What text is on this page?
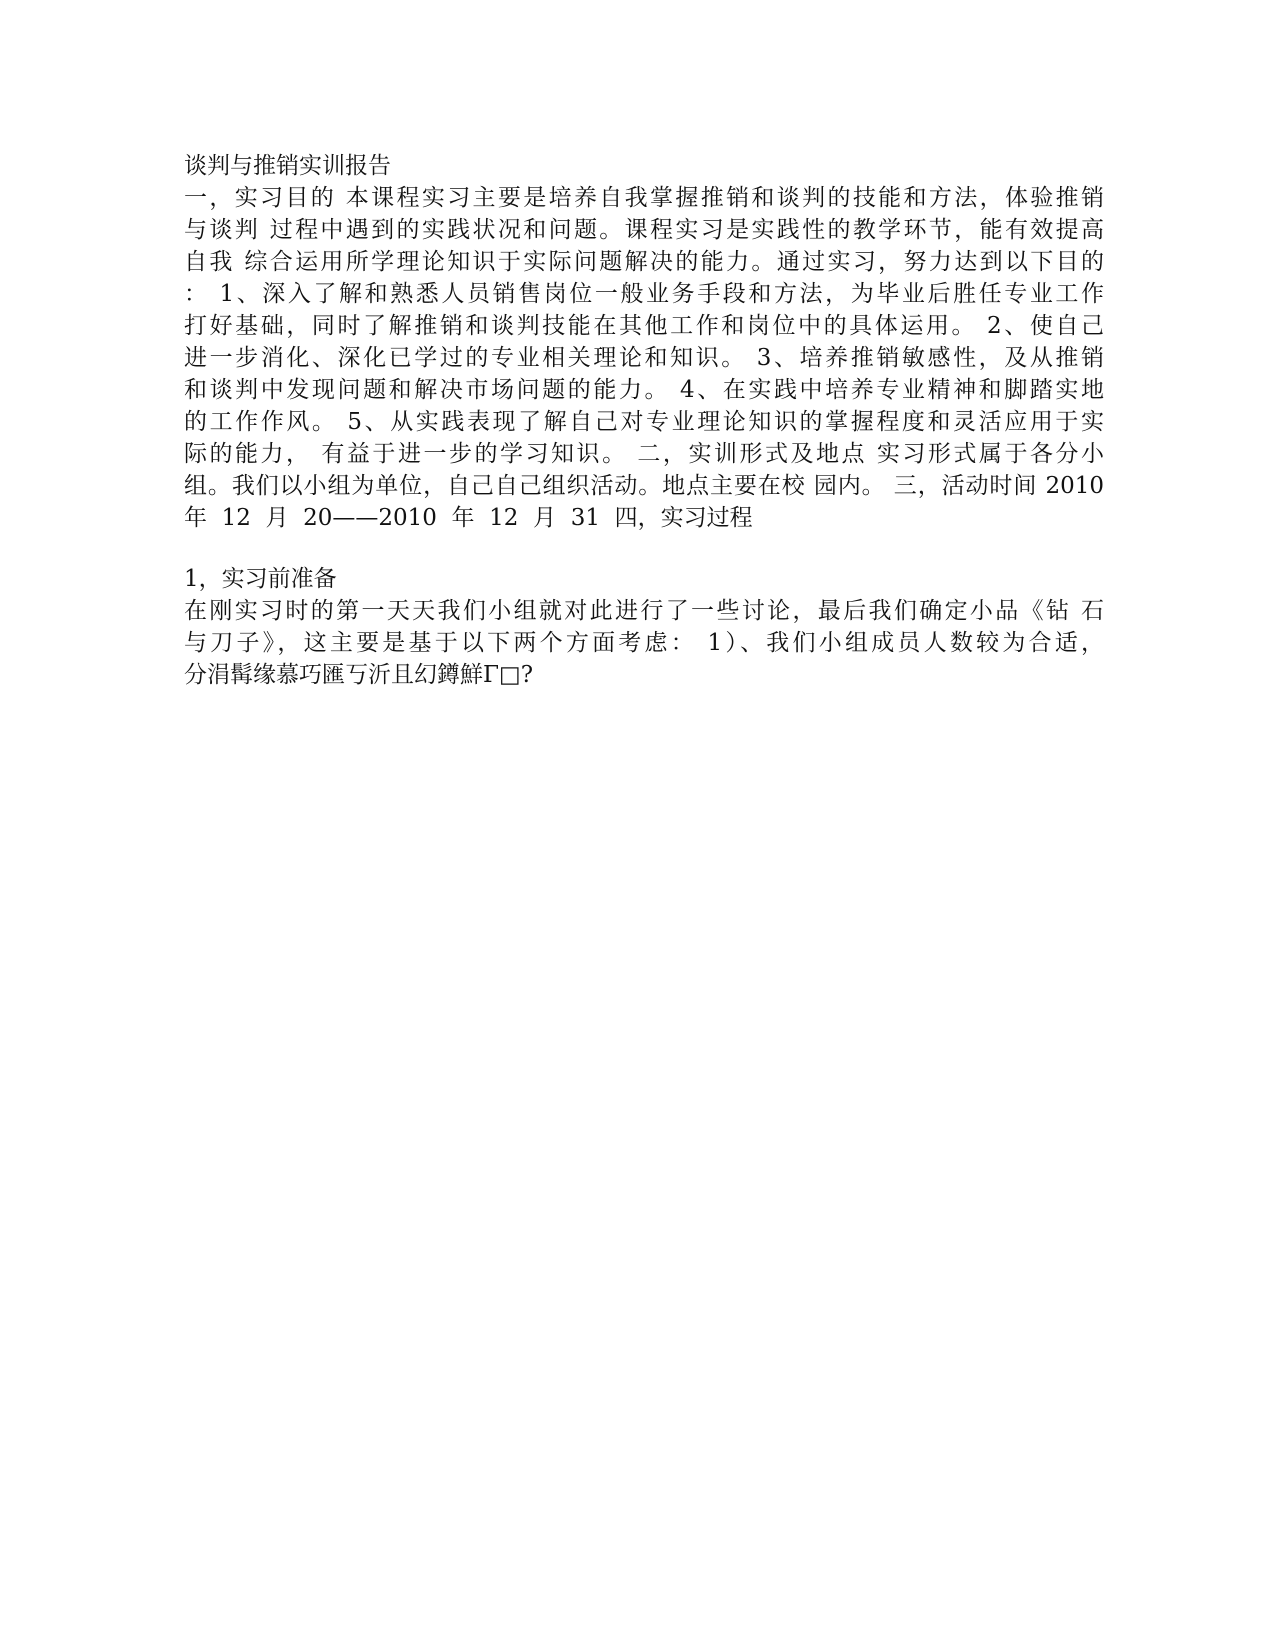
谈判与推销实训报告
一，实习目的 本课程实习主要是培养自我掌握推销和谈判的技能和方法，体验推销
与谈判 过程中遇到的实践状况和问题。课程实习是实践性的教学环节，能有效提高
自我 综合运用所学理论知识于实际问题解决的能力。通过实习，努力达到以下目的
： 1、深入了解和熟悉人员销售岗位一般业务手段和方法，为毕业后胜任专业工作
打好基础，同时了解推销和谈判技能在其他工作和岗位中的具体运用。 2、使自己
进一步消化、深化已学过的专业相关理论和知识。 3、培养推销敏感性，及从推销
和谈判中发现问题和解决市场问题的能力。 4、在实践中培养专业精神和脚踏实地
的工作作风。 5、从实践表现了解自己对专业理论知识的掌握程度和灵活应用于实
际的能力， 有益于进一步的学习知识。 二，实训形式及地点 实习形式属于各分小
组。我们以小组为单位，自己自己组织活动。地点主要在校 园内。 三，活动时间 2010
年  12  月  20——2010  年  12  月  31  四，实习过程
1，实习前准备
在刚实习时的第一天天我们小组就对此进行了一些讨论，最后我们确定小品《钻 石
与刀子》，这主要是基于以下两个方面考虑： 1）、我们小组成员人数较为合适，
分涓髯缘慕巧匯丂沂且幻鐏鮮Γ□?
